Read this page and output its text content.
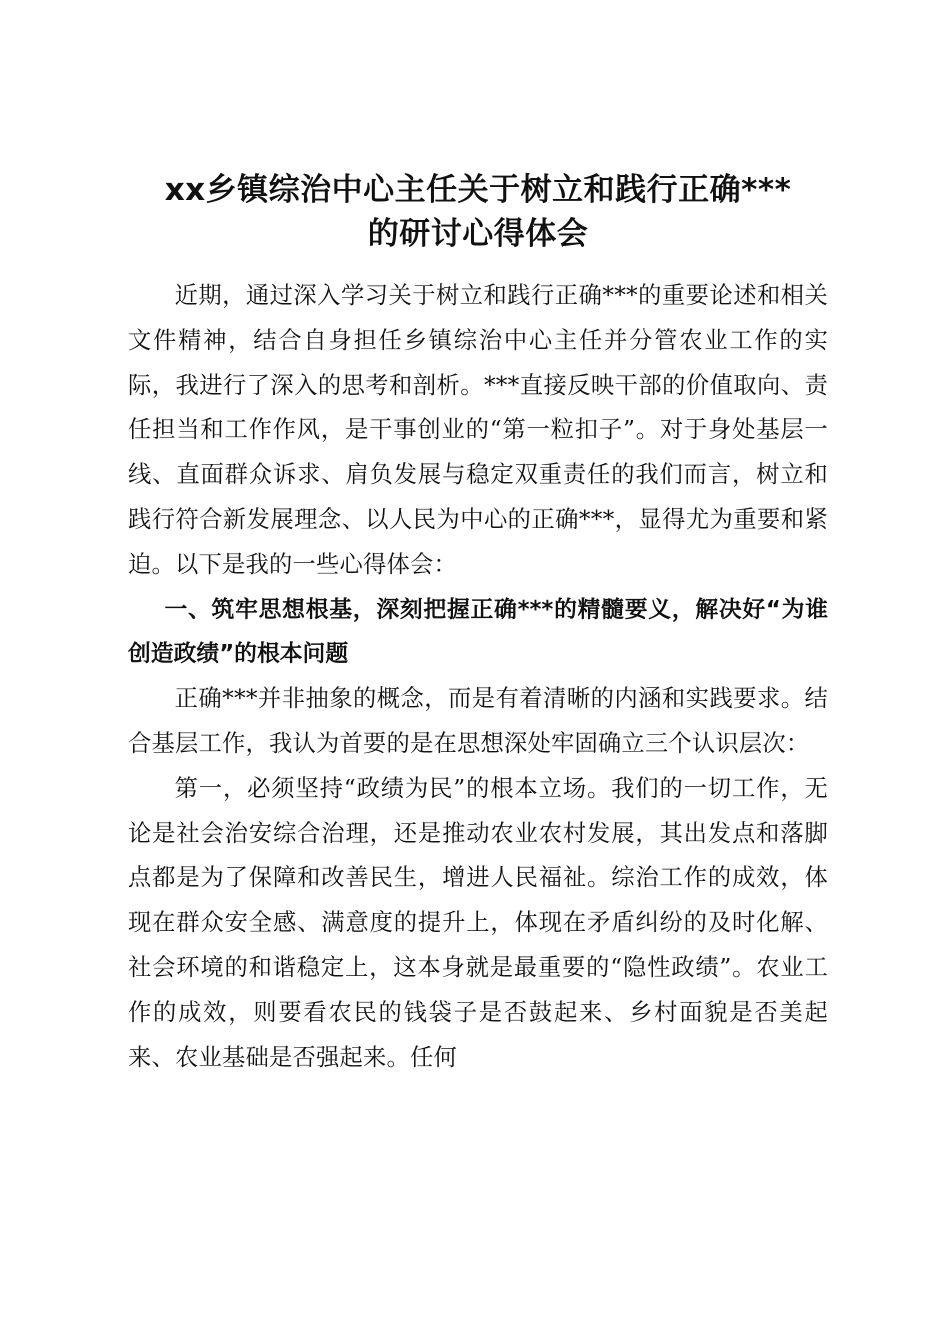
xx乡镇综治中心主任关于树立和践行正确***
的研讨心得体会

近期，通过深入学习关于树立和践行正确***的重要论述和相关文件精神，结合自身担任乡镇综治中心主任并分管农业工作的实际，我进行了深入的思考和剖析。***直接反映干部的价值取向、责任担当和工作作风，是干事创业的“第一粒扣子”。对于身处基层一线、直面群众诉求、肩负发展与稳定双重责任的我们而言，树立和践行符合新发展理念、以人民为中心的正确***，显得尤为重要和紧迫。以下是我的一些心得体会：

一、筑牢思想根基，深刻把握正确***的精髓要义，解决好“为谁创造政绩”的根本问题

正确***并非抽象的概念，而是有着清晰的内涵和实践要求。结合基层工作，我认为首要的是在思想深处牢固确立三个认识层次：

第一，必须坚持“政绩为民”的根本立场。我们的一切工作，无论是社会治安综合治理，还是推动农业农村发展，其出发点和落脚点都是为了保障和改善民生，增进人民福祉。综治工作的成效，体现在群众安全感、满意度的提升上，体现在矛盾纠纷的及时化解、社会环境的和谐稳定上，这本身就是最重要的“隐性政绩”。农业工作的成效，则要看农民的钱袋子是否鼓起来、乡村面貌是否美起来、农业基础是否强起来。任何
